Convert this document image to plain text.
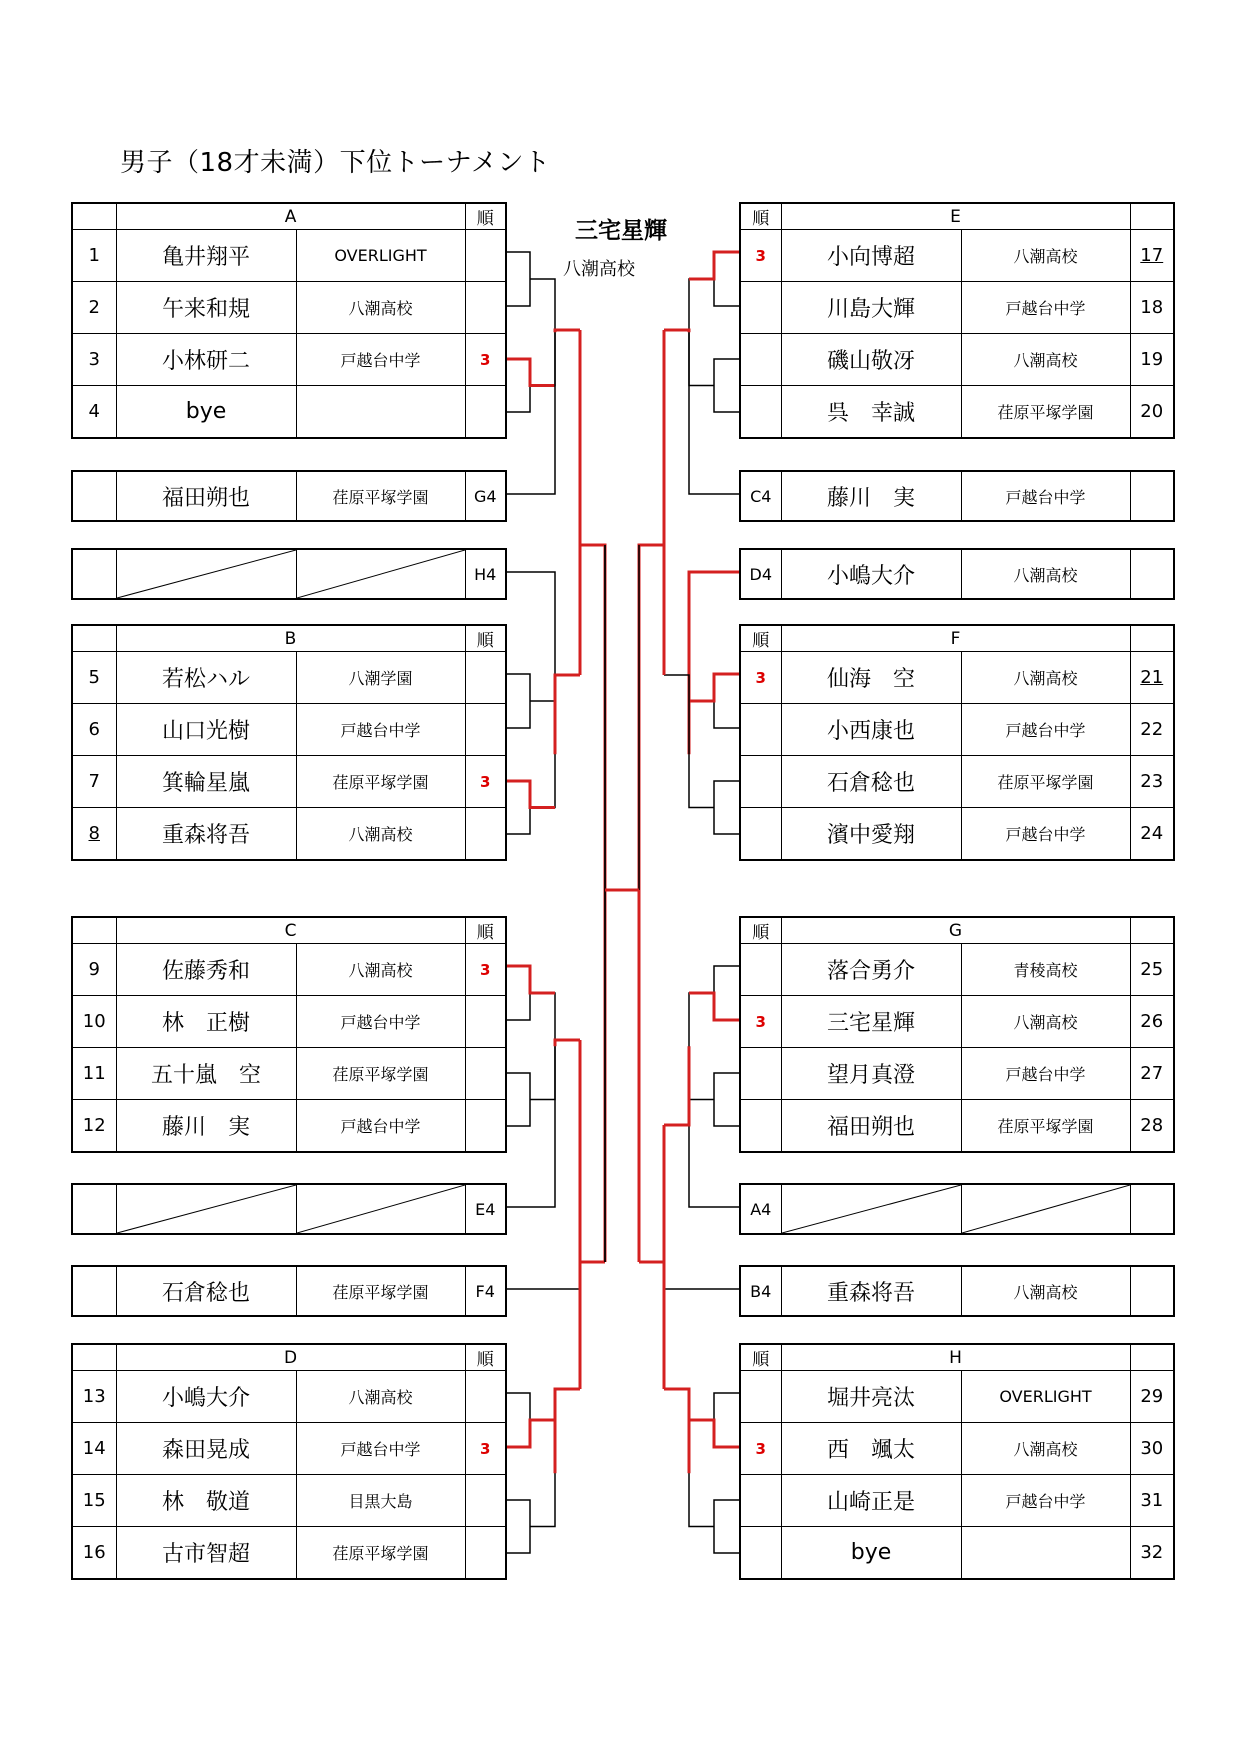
男子（18才未満）下位トーナメント
三宅星輝
八潮高校
	A		順
1	亀井翔平	OVERLIGHT	
2	午来和規	八潮高校	
3	小林研二	戸越台中学	3
4	bye		
	福田朔也	荏原平塚学園	G4

	H4
	B		順
5	若松ハル	八潮学園	
6	山口光樹	戸越台中学	
7	箕輪星嵐	荏原平塚学園	3
8	重森将吾	八潮高校	
	C		順
9	佐藤秀和	八潮高校	3
10	林　正樹	戸越台中学	
11	五十嵐　空	荏原平塚学園	
12	藤川　実	戸越台中学	

	E4
	石倉稔也	荏原平塚学園	F4
	D		順
13	小嶋大介	八潮高校	
14	森田晃成	戸越台中学	3
15	林　敬道	目黒大島	
16	古市智超	荏原平塚学園	
順	E		
3	小向博超	八潮高校	17
	川島大輝	戸越台中学	18
	磯山敬冴	八潮高校	19
	呉　幸誠	荏原平塚学園	20
C4	藤川　実	戸越台中学	
D4	小嶋大介	八潮高校	
順	F		
3	仙海　空	八潮高校	21
	小西康也	戸越台中学	22
	石倉稔也	荏原平塚学園	23
	濱中愛翔	戸越台中学	24
順	G		
	落合勇介	青稜高校	25
3	三宅星輝	八潮高校	26
	望月真澄	戸越台中学	27
	福田朔也	荏原平塚学園	28
A4	

B4	重森将吾	八潮高校	
順	H		
	堀井亮汰	OVERLIGHT	29
3	西　颯太	八潮高校	30
	山崎正是	戸越台中学	31
	bye		32
